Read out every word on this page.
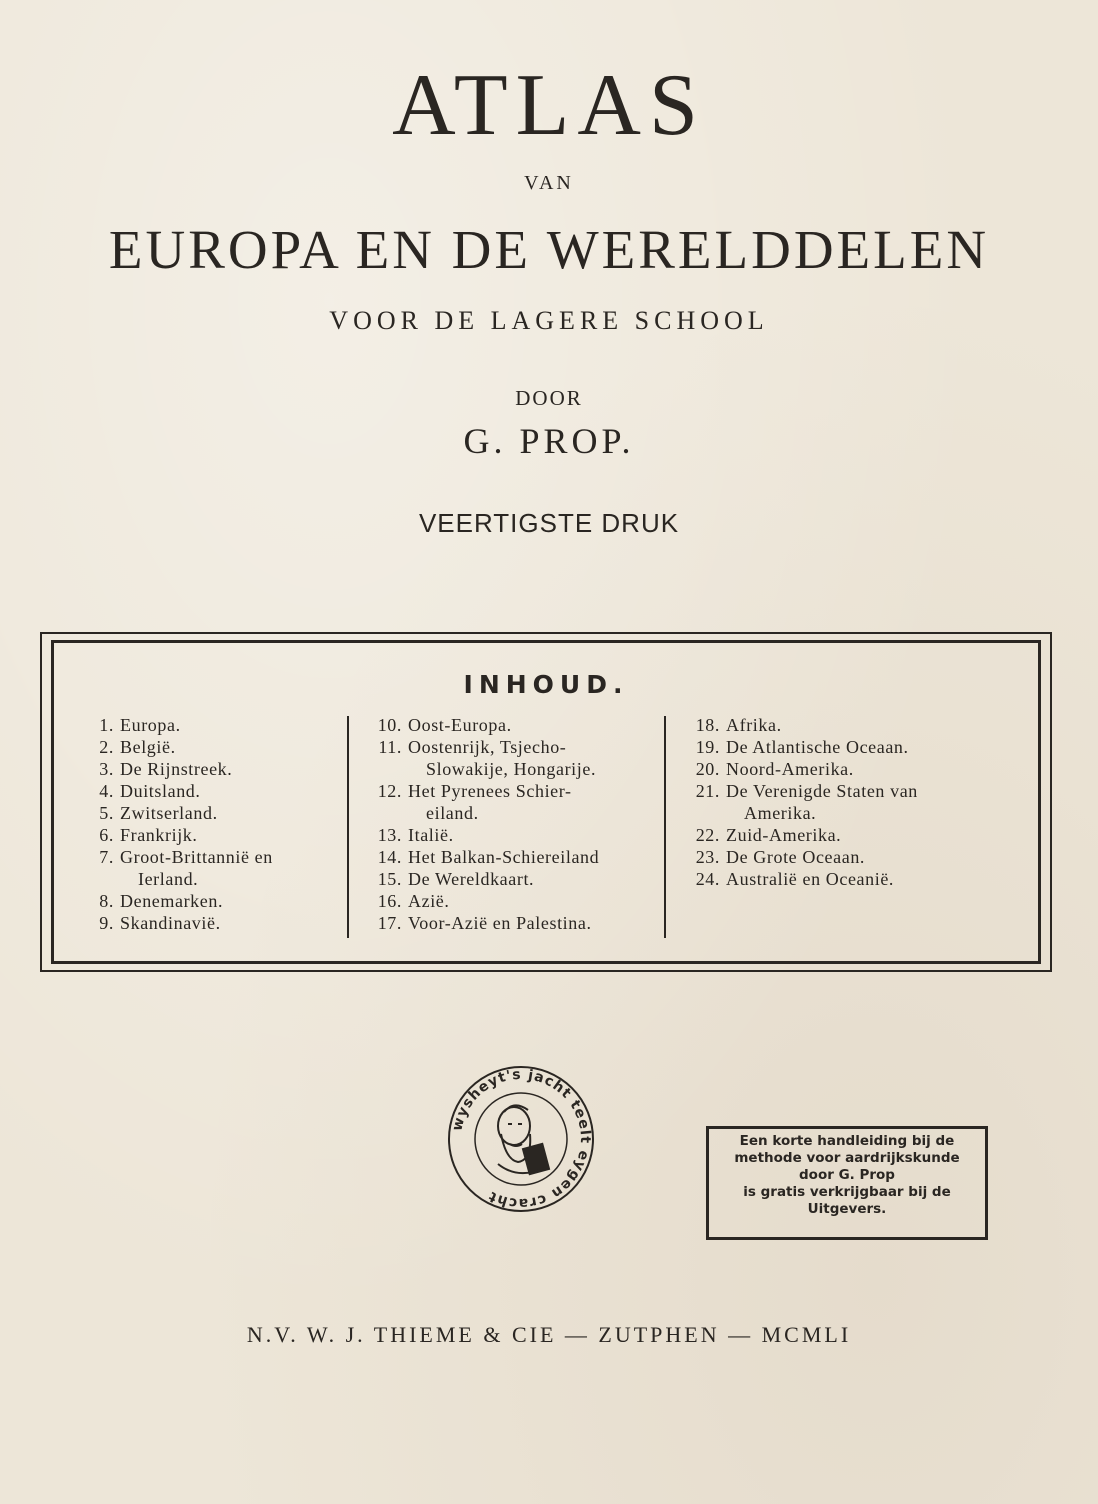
ATLAS
VAN
EUROPA EN DE WERELDDELEN
VOOR DE LAGERE SCHOOL
DOOR
G. PROP.
VEERTIGSTE DRUK
INHOUD.
1. Europa.
2. België.
3. De Rijnstreek.
4. Duitsland.
5. Zwitserland.
6. Frankrijk.
7. Groot-Brittannië en
Ierland.
8. Denemarken.
9. Skandinavië.
10. Oost-Europa.
11. Oostenrijk, Tsjecho-
Slowakije, Hongarije.
12. Het Pyrenees Schier-
eiland.
13. Italië.
14. Het Balkan-Schiereiland
15. De Wereldkaart.
16. Azië.
17. Voor-Azië en Palestina.
18. Afrika.
19. De Atlantische Oceaan.
20. Noord-Amerika.
21. De Verenigde Staten van
Amerika.
22. Zuid-Amerika.
23. De Grote Oceaan.
24. Australië en Oceanië.
wysheyt's jacht teelt eygen cracht
Een korte handleiding bij de
methode voor aardrijkskunde
door G. Prop
is gratis verkrijgbaar bij de
Uitgevers.
N.V. W. J. THIEME & CIE — ZUTPHEN — MCMLI
